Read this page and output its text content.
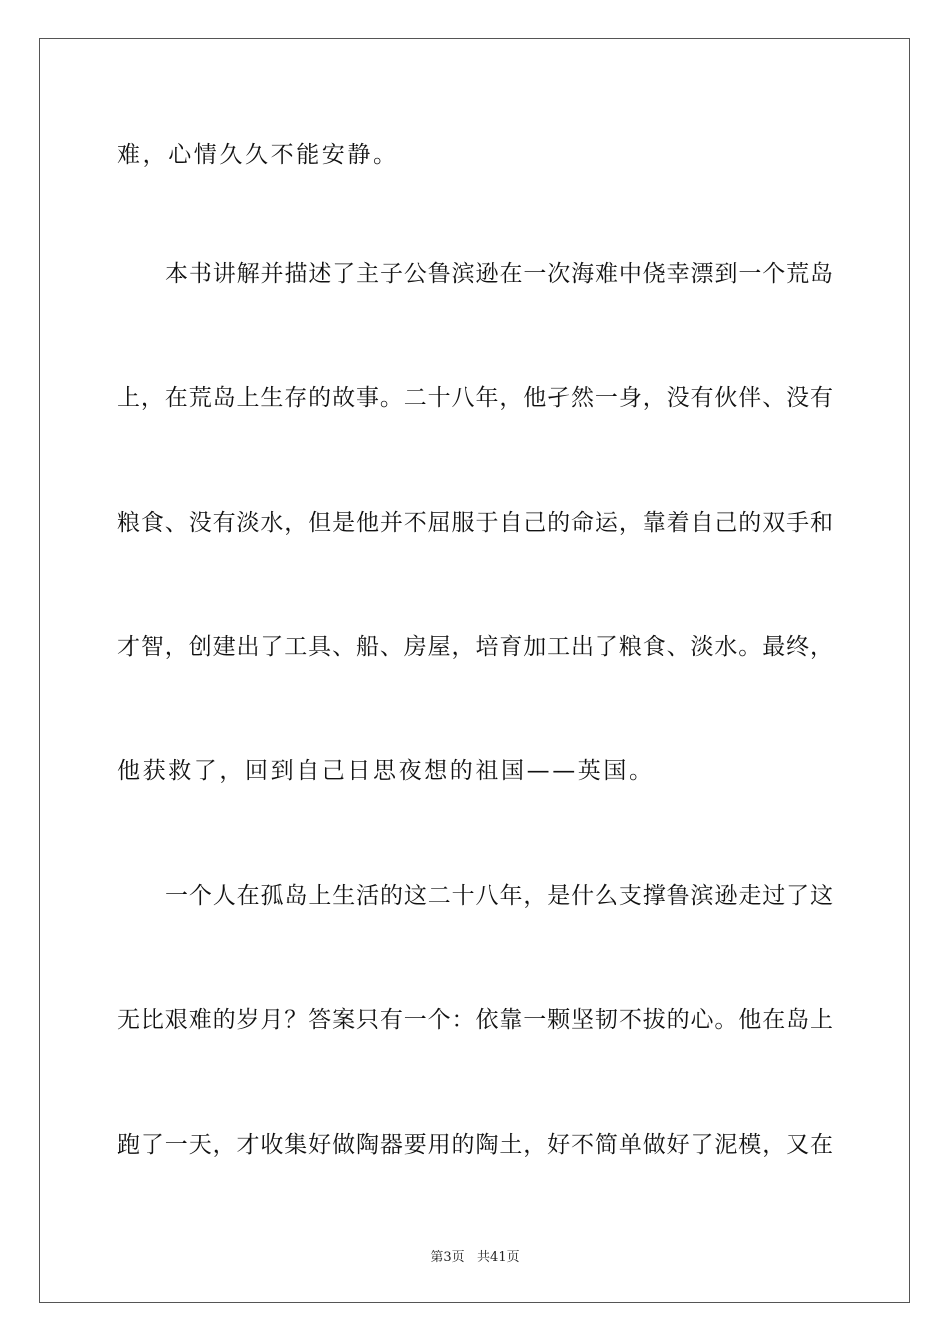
难，心情久久不能安静。
本书讲解并描述了主子公鲁滨逊在一次海难中侥幸漂到一个荒岛
上，在荒岛上生存的故事。二十八年，他孑然一身，没有伙伴、没有
粮食、没有淡水，但是他并不屈服于自己的命运，靠着自己的双手和
才智，创建出了工具、船、房屋，培育加工出了粮食、淡水。最终，
他获救了，回到自己日思夜想的祖国——英国。
一个人在孤岛上生活的这二十八年，是什么支撑鲁滨逊走过了这
无比艰难的岁月？答案只有一个：依靠一颗坚韧不拔的心。他在岛上
跑了一天，才收集好做陶器要用的陶土，好不简单做好了泥模，又在
第3页   共41页
